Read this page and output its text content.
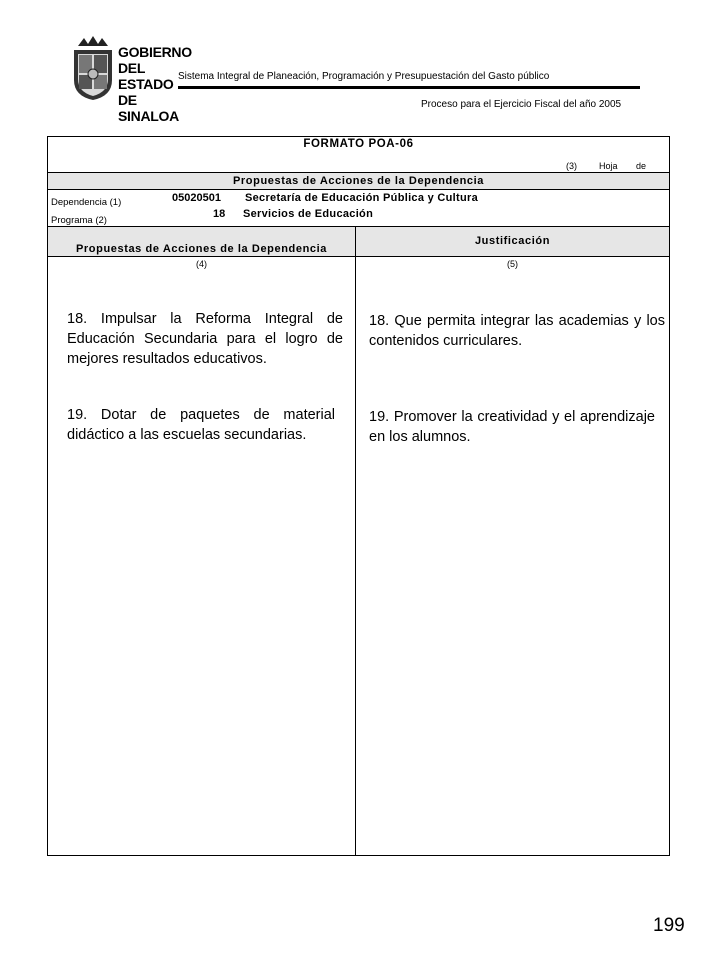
GOBIERNO
DEL ESTADO
DE SINALOA
Sistema Integral de Planeación, Programación y Presupuestación del Gasto público
Proceso para el Ejercicio Fiscal del año 2005
FORMATO POA-06
(3) Hoja de
Propuestas de Acciones de la Dependencia
Dependencia (1)	05020501 Secretaría de Educación Pública y Cultura
Programa (2)
18 Servicios de Educación
Propuestas de Acciones de la Dependencia
Justificación
(4)	(5)
18. Impulsar la Reforma Integral de Educación Secundaria para el logro de mejores resultados educativos.
18. Que permita integrar las academias y los contenidos curriculares.
19. Dotar de paquetes de material didáctico a las escuelas secundarias.
19. Promover la creatividad y el aprendizaje en los alumnos.
199
